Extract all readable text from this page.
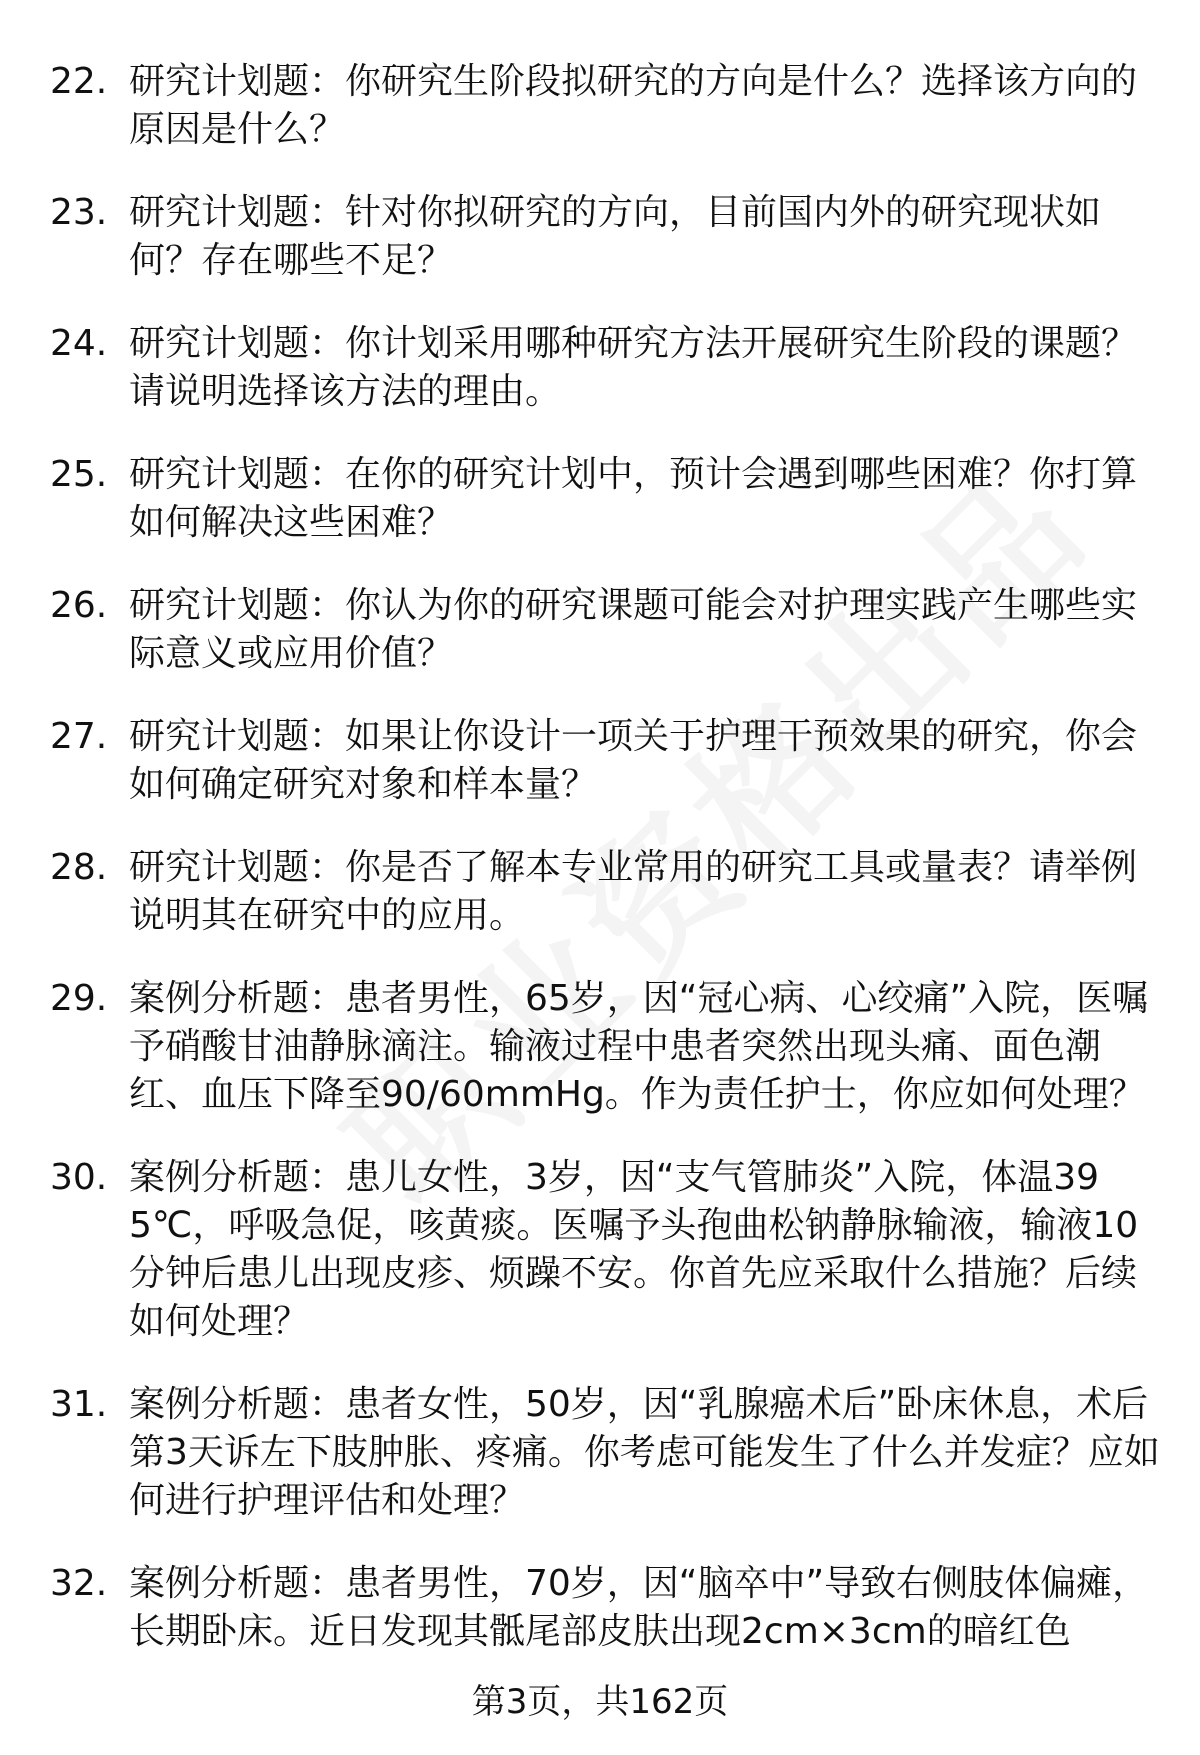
22. 研究计划题：你研究生阶段拟研究的方向是什么？选择该方向的原因是什么？
23. 研究计划题：针对你拟研究的方向，目前国内外的研究现状如何？存在哪些不足？
24. 研究计划题：你计划采用哪种研究方法开展研究生阶段的课题？请说明选择该方法的理由。
25. 研究计划题：在你的研究计划中，预计会遇到哪些困难？你打算如何解决这些困难？
26. 研究计划题：你认为你的研究课题可能会对护理实践产生哪些实际意义或应用价值？
27. 研究计划题：如果让你设计一项关于护理干预效果的研究，你会如何确定研究对象和样本量？
28. 研究计划题：你是否了解本专业常用的研究工具或量表？请举例说明其在研究中的应用。
29. 案例分析题：患者男性，65岁，因“冠心病、心绞痛”入院，医嘱予硝酸甘油静脉滴注。输液过程中患者突然出现头痛、面色潮红、血压下降至90/60mmHg。作为责任护士，你应如何处理？
30. 案例分析题：患儿女性，3岁，因“支气管肺炎”入院，体温395℃，呼吸急促，咳黄痰。医嘱予头孢曲松钠静脉输液，输液10分钟后患儿出现皮疹、烦躁不安。你首先应采取什么措施？后续如何处理？
31. 案例分析题：患者女性，50岁，因“乳腺癌术后”卧床休息，术后第3天诉左下肢肿胀、疼痛。你考虑可能发生了什么并发症？应如何进行护理评估和处理？
32. 案例分析题：患者男性，70岁，因“脑卒中”导致右侧肢体偏瘫，长期卧床。近日发现其骶尾部皮肤出现2cm×3cm的暗红色
第3页，共162页
